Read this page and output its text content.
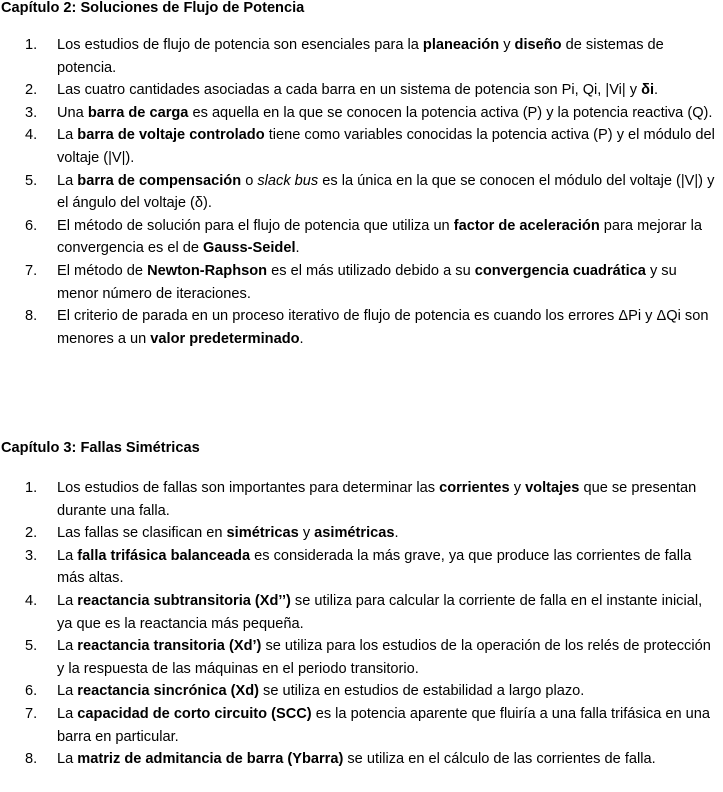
Capítulo 2: Soluciones de Flujo de Potencia
1. Los estudios de flujo de potencia son esenciales para la planeación y diseño de sistemas de potencia.
2. Las cuatro cantidades asociadas a cada barra en un sistema de potencia son Pi, Qi, |Vi| y δi.
3. Una barra de carga es aquella en la que se conocen la potencia activa (P) y la potencia reactiva (Q).
4. La barra de voltaje controlado tiene como variables conocidas la potencia activa (P) y el módulo del voltaje (|V|).
5. La barra de compensación o slack bus es la única en la que se conocen el módulo del voltaje (|V|) y el ángulo del voltaje (δ).
6. El método de solución para el flujo de potencia que utiliza un factor de aceleración para mejorar la convergencia es el de Gauss-Seidel.
7. El método de Newton-Raphson es el más utilizado debido a su convergencia cuadrática y su menor número de iteraciones.
8. El criterio de parada en un proceso iterativo de flujo de potencia es cuando los errores ΔPi y ΔQi son menores a un valor predeterminado.
Capítulo 3: Fallas Simétricas
1. Los estudios de fallas son importantes para determinar las corrientes y voltajes que se presentan durante una falla.
2. Las fallas se clasifican en simétricas y asimétricas.
3. La falla trifásica balanceada es considerada la más grave, ya que produce las corrientes de falla más altas.
4. La reactancia subtransitoria (Xd’’) se utiliza para calcular la corriente de falla en el instante inicial, ya que es la reactancia más pequeña.
5. La reactancia transitoria (Xd’) se utiliza para los estudios de la operación de los relés de protección y la respuesta de las máquinas en el periodo transitorio.
6. La reactancia sincrónica (Xd) se utiliza en estudios de estabilidad a largo plazo.
7. La capacidad de corto circuito (SCC) es la potencia aparente que fluiría a una falla trifásica en una barra en particular.
8. La matriz de admitancia de barra (Ybarra) se utiliza en el cálculo de las corrientes de falla.
